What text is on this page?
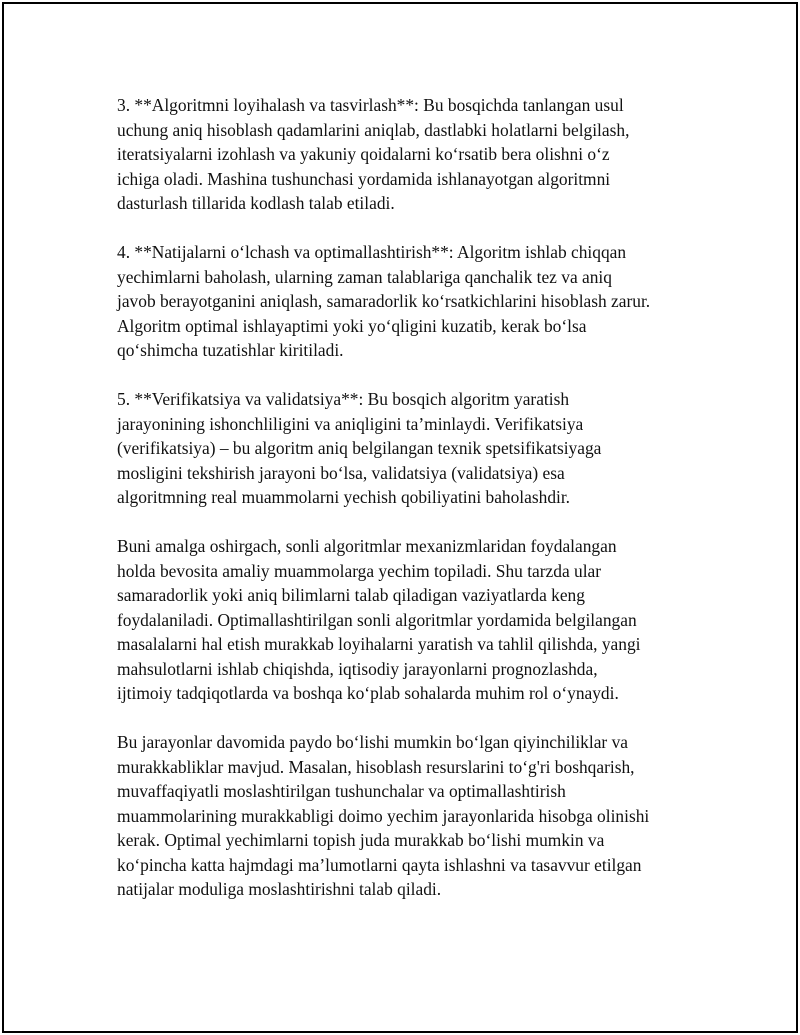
3. **Algoritmni loyihalash va tasvirlash**: Bu bosqichda tanlangan usul
uchung aniq hisoblash qadamlarini aniqlab, dastlabki holatlarni belgilash,
iteratsiyalarni izohlash va yakuniy qoidalarni ko‘rsatib bera olishni o‘z
ichiga oladi. Mashina tushunchasi yordamida ishlanayotgan algoritmni
dasturlash tillarida kodlash talab etiladi.
4. **Natijalarni o‘lchash va optimallashtirish**: Algoritm ishlab chiqqan
yechimlarni baholash, ularning zaman talablariga qanchalik tez va aniq
javob berayotganini aniqlash, samaradorlik ko‘rsatkichlarini hisoblash zarur.
Algoritm optimal ishlayaptimi yoki yo‘qligini kuzatib, kerak bo‘lsa
qo‘shimcha tuzatishlar kiritiladi.
5. **Verifikatsiya va validatsiya**: Bu bosqich algoritm yaratish
jarayonining ishonchliligini va aniqligini ta’minlaydi. Verifikatsiya
(verifikatsiya) – bu algoritm aniq belgilangan texnik spetsifikatsiyaga
mosligini tekshirish jarayoni bo‘lsa, validatsiya (validatsiya) esa
algoritmning real muammolarni yechish qobiliyatini baholashdir.
Buni amalga oshirgach, sonli algoritmlar mexanizmlaridan foydalangan
holda bevosita amaliy muammolarga yechim topiladi. Shu tarzda ular
samaradorlik yoki aniq bilimlarni talab qiladigan vaziyatlarda keng
foydalaniladi. Optimallashtirilgan sonli algoritmlar yordamida belgilangan
masalalarni hal etish murakkab loyihalarni yaratish va tahlil qilishda, yangi
mahsulotlarni ishlab chiqishda, iqtisodiy jarayonlarni prognozlashda,
ijtimoiy tadqiqotlarda va boshqa ko‘plab sohalarda muhim rol o‘ynaydi.
Bu jarayonlar davomida paydo bo‘lishi mumkin bo‘lgan qiyinchiliklar va
murakkabliklar mavjud. Masalan, hisoblash resurslarini to‘g'ri boshqarish,
muvaffaqiyatli moslashtirilgan tushunchalar va optimallashtirish
muammolarining murakkabligi doimo yechim jarayonlarida hisobga olinishi
kerak. Optimal yechimlarni topish juda murakkab bo‘lishi mumkin va
ko‘pincha katta hajmdagi ma’lumotlarni qayta ishlashni va tasavvur etilgan
natijalar moduliga moslashtirishni talab qiladi.
